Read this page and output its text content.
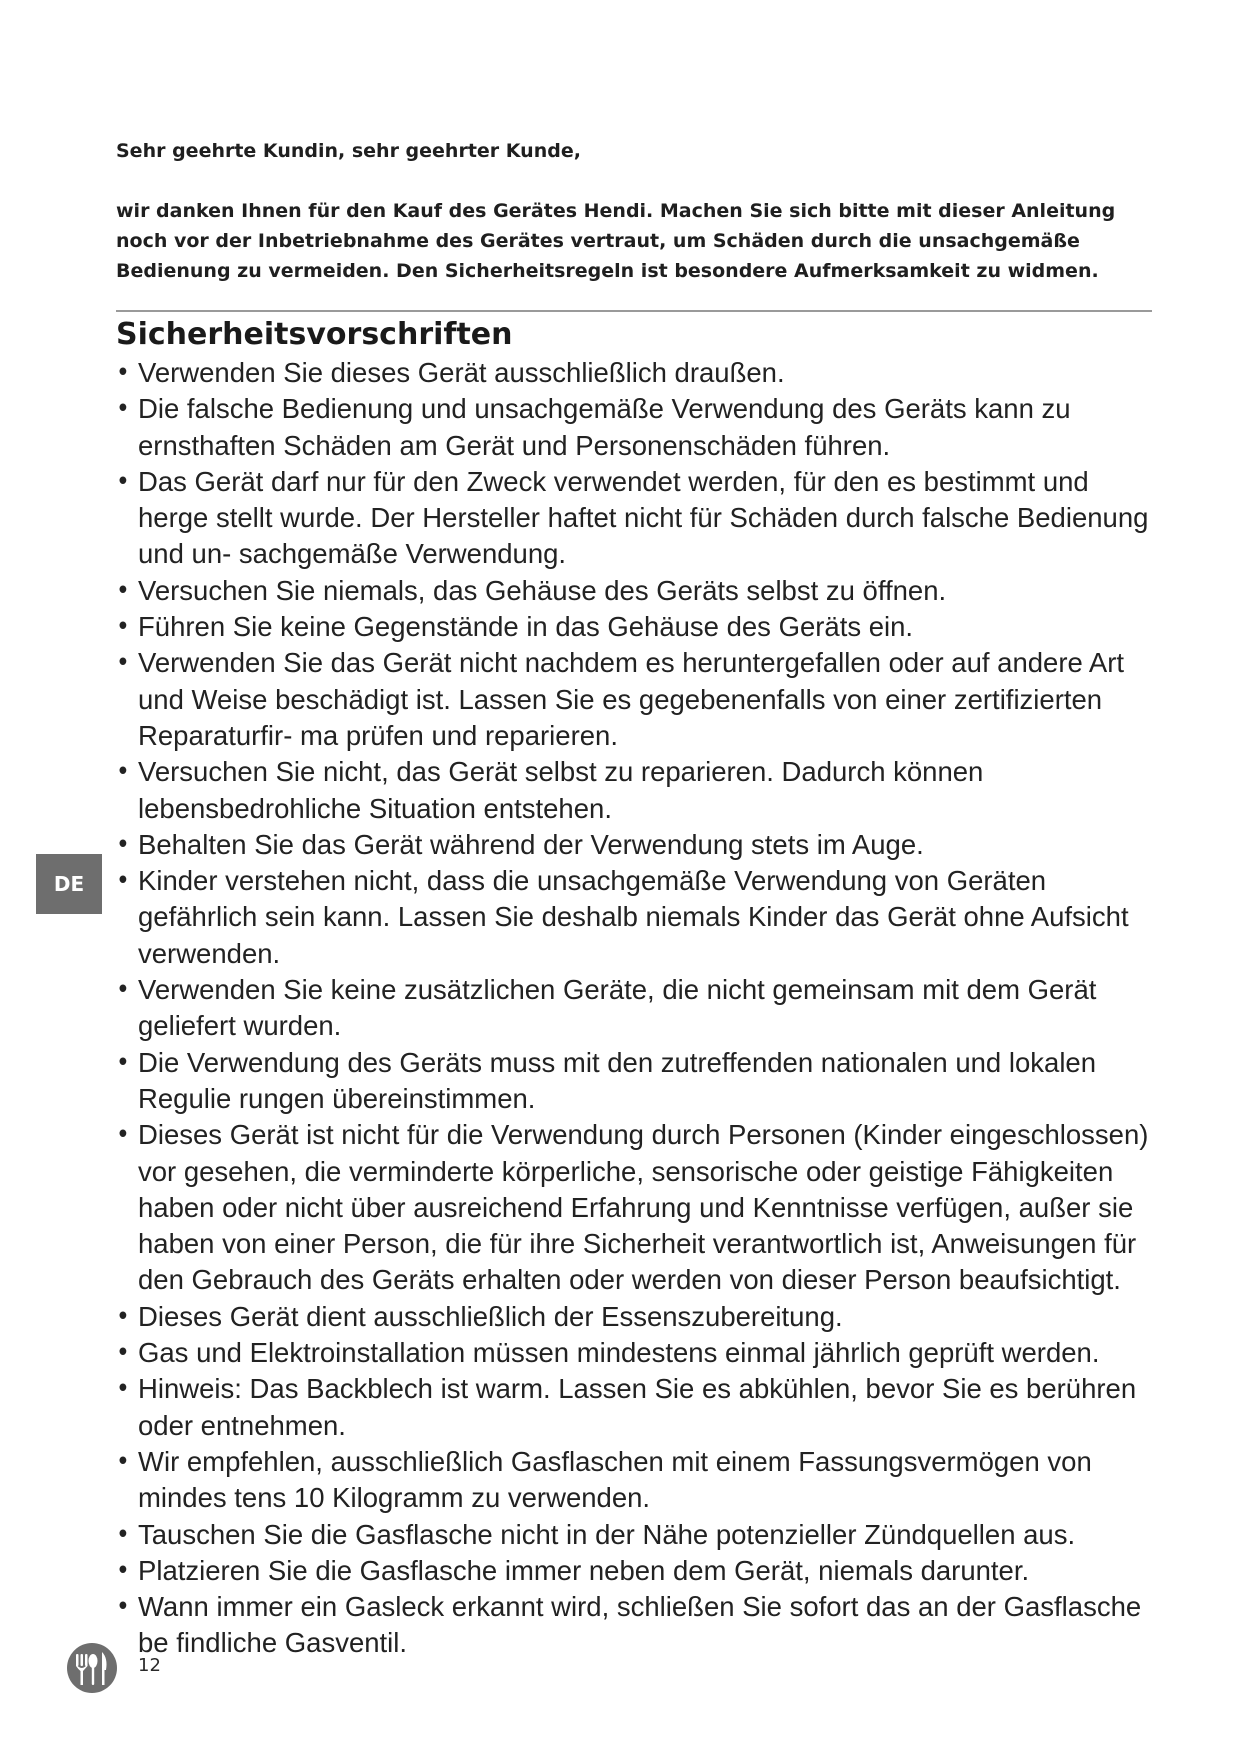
Sehr geehrte Kundin, sehr geehrter Kunde,

wir danken Ihnen für den Kauf des Gerätes Hendi. Machen Sie sich bitte mit dieser Anleitung noch vor der Inbetriebnahme des Gerätes vertraut, um Schäden durch die unsachgemäße Bedienung zu vermeiden. Den Sicherheitsregeln ist besondere Aufmerksamkeit zu widmen.

Sicherheitsvorschriften
• Verwenden Sie dieses Gerät ausschließlich draußen.
• Die falsche Bedienung und unsachgemäße Verwendung des Geräts kann zu ernsthaften Schäden am Gerät und Personenschäden führen.
• Das Gerät darf nur für den Zweck verwendet werden, für den es bestimmt und herge stellt wurde. Der Hersteller haftet nicht für Schäden durch falsche Bedienung und un- sachgemäße Verwendung.
• Versuchen Sie niemals, das Gehäuse des Geräts selbst zu öffnen.
• Führen Sie keine Gegenstände in das Gehäuse des Geräts ein.
• Verwenden Sie das Gerät nicht nachdem es heruntergefallen oder auf andere Art und Weise beschädigt ist. Lassen Sie es gegebenenfalls von einer zertifizierten Reparaturfir- ma prüfen und reparieren.
• Versuchen Sie nicht, das Gerät selbst zu reparieren. Dadurch können lebensbedrohliche Situation entstehen.
• Behalten Sie das Gerät während der Verwendung stets im Auge.
• Kinder verstehen nicht, dass die unsachgemäße Verwendung von Geräten gefährlich sein kann. Lassen Sie deshalb niemals Kinder das Gerät ohne Aufsicht verwenden.
• Verwenden Sie keine zusätzlichen Geräte, die nicht gemeinsam mit dem Gerät geliefert wurden.
• Die Verwendung des Geräts muss mit den zutreffenden nationalen und lokalen Regulie rungen übereinstimmen.
• Dieses Gerät ist nicht für die Verwendung durch Personen (Kinder eingeschlossen) vor gesehen, die verminderte körperliche, sensorische oder geistige Fähigkeiten haben oder nicht über ausreichend Erfahrung und Kenntnisse verfügen, außer sie haben von einer Person, die für ihre Sicherheit verantwortlich ist, Anweisungen für den Gebrauch des Geräts erhalten oder werden von dieser Person beaufsichtigt.
• Dieses Gerät dient ausschließlich der Essenszubereitung.
• Gas und Elektroinstallation müssen mindestens einmal jährlich geprüft werden.
• Hinweis: Das Backblech ist warm. Lassen Sie es abkühlen, bevor Sie es berühren oder entnehmen.
• Wir empfehlen, ausschließlich Gasflaschen mit einem Fassungsvermögen von mindes tens 10 Kilogramm zu verwenden.
• Tauschen Sie die Gasflasche nicht in der Nähe potenzieller Zündquellen aus.
• Platzieren Sie die Gasflasche immer neben dem Gerät, niemals darunter.
• Wann immer ein Gasleck erkannt wird, schließen Sie sofort das an der Gasflasche be findliche Gasventil.
DE
12
